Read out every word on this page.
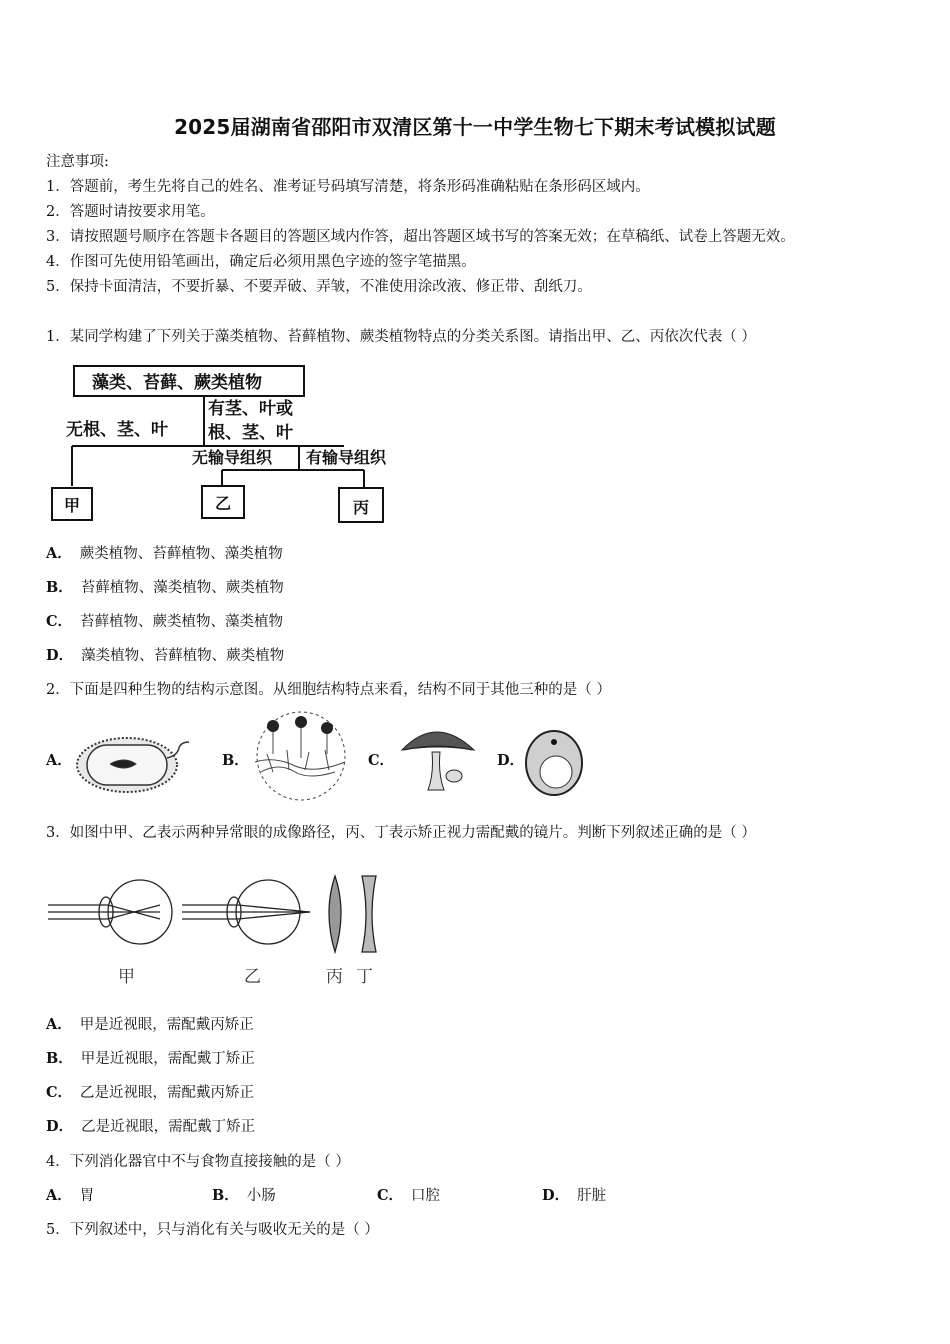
2025届湖南省邵阳市双清区第十一中学生物七下期末考试模拟试题
注意事项:
1．答题前，考生先将自己的姓名、准考证号码填写清楚，将条形码准确粘贴在条形码区域内。
2．答题时请按要求用笔。
3．请按照题号顺序在答题卡各题目的答题区域内作答，超出答题区域书写的答案无效；在草稿纸、试卷上答题无效。
4．作图可先使用铅笔画出，确定后必须用黑色字迹的签字笔描黑。
5．保持卡面清洁，不要折暴、不要弄破、弄皱，不准使用涂改液、修正带、刮纸刀。
1．某同学构建了下列关于藻类植物、苔藓植物、蕨类植物特点的分类关系图。请指出甲、乙、丙依次代表（ ）
藻类、苔藓、蕨类植物
无根、茎、叶
有茎、叶或
根、茎、叶
无输导组织 有输导组织
甲	乙	丙
A． 蕨类植物、苔藓植物、藻类植物
B． 苔藓植物、藻类植物、蕨类植物
C． 苔藓植物、蕨类植物、藻类植物
D． 藻类植物、苔藓植物、蕨类植物
2．下面是四种生物的结构示意图。从细胞结构特点来看，结构不同于其他三种的是（ ）
A．	B．	C．	D．
3．如图中甲、乙表示两种异常眼的成像路径，丙、丁表示矫正视力需配戴的镜片。判断下列叙述正确的是（ ）
甲	乙	丙 丁
A． 甲是近视眼，需配戴丙矫正
B． 甲是近视眼，需配戴丁矫正
C． 乙是近视眼，需配戴丙矫正
D． 乙是近视眼，需配戴丁矫正
4．下列消化器官中不与食物直接接触的是（ ）
A． 胃	B． 小肠	C． 口腔	D． 肝脏
5．下列叙述中，只与消化有关与吸收无关的是（ ）
